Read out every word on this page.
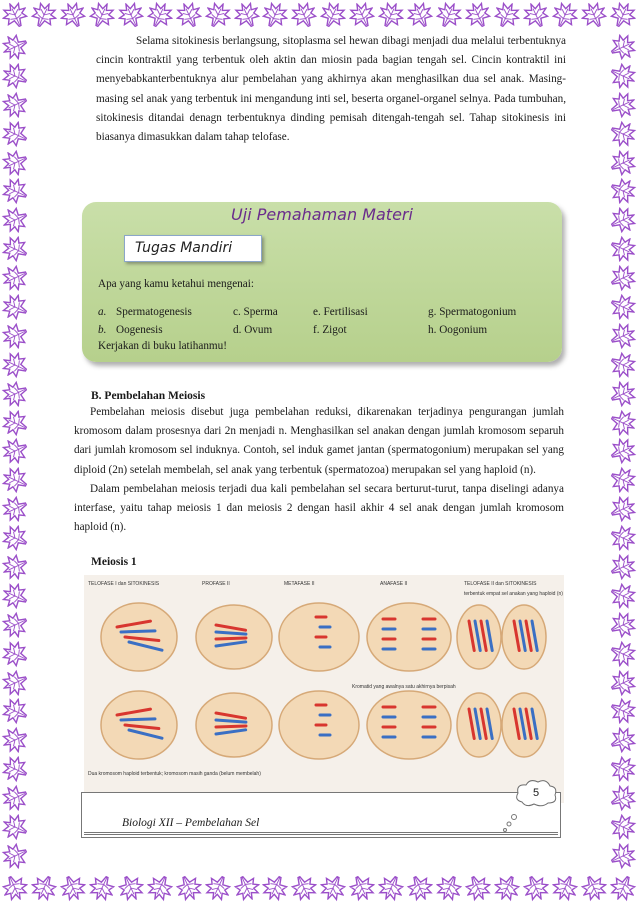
Selama sitokinesis berlangsung, sitoplasma sel hewan dibagi menjadi dua melalui terbentuknya cincin kontraktil yang terbentuk oleh aktin dan miosin pada bagian tengah sel. Cincin kontraktil ini menyebabkanterbentuknya alur pembelahan yang akhirnya akan menghasilkan dua sel anak. Masing-masing sel anak yang terbentuk ini mengandung inti sel, beserta organel-organel selnya. Pada tumbuhan, sitokinesis ditandai denagn terbentuknya dinding pemisah ditengah-tengah sel. Tahap sitokinesis ini biasanya dimasukkan dalam tahap telofase.

Uji Pemahaman Materi
Tugas Mandiri
Apa yang kamu ketahui mengenai:
a. Spermatogenesis	c. Sperma	e. Fertilisasi	g. Spermatogonium
b. Oogenesis	d. Ovum	f. Zigot	h. Oogonium
Kerjakan di buku latihanmu!
B. Pembelahan Meiosis

Pembelahan meiosis disebut juga pembelahan reduksi, dikarenakan terjadinya pengurangan jumlah kromosom dalam prosesnya dari 2n menjadi n. Menghasilkan sel anakan dengan jumlah kromosom separuh dari jumlah kromosom sel induknya. Contoh, sel induk gamet jantan (spermatogonium) merupakan sel yang diploid (2n) setelah membelah, sel anak yang terbentuk (spermatozoa) merupakan sel yang haploid (n).

Dalam pembelahan meiosis terjadi dua kali pembelahan sel secara berturut-turut, tanpa diselingi adanya interfase, yaitu tahap meiosis 1 dan meiosis 2 dengan hasil akhir 4 sel anak dengan jumlah kromosom haploid (n).

Meiosis 1
TELOFASE I dan SITOKINESIS	PROFASE II	METAFASE II	ANAFASE II	TELOFASE II dan SITOKINESIS
terbentuk empat sel anakan yang haploid (n)
Kromatid yang awalnya satu akhirnya berpisah
Dua kromosom haploid terbentuk; kromosom masih ganda (belum membelah)
Biologi XII – Pembelahan Sel
5
